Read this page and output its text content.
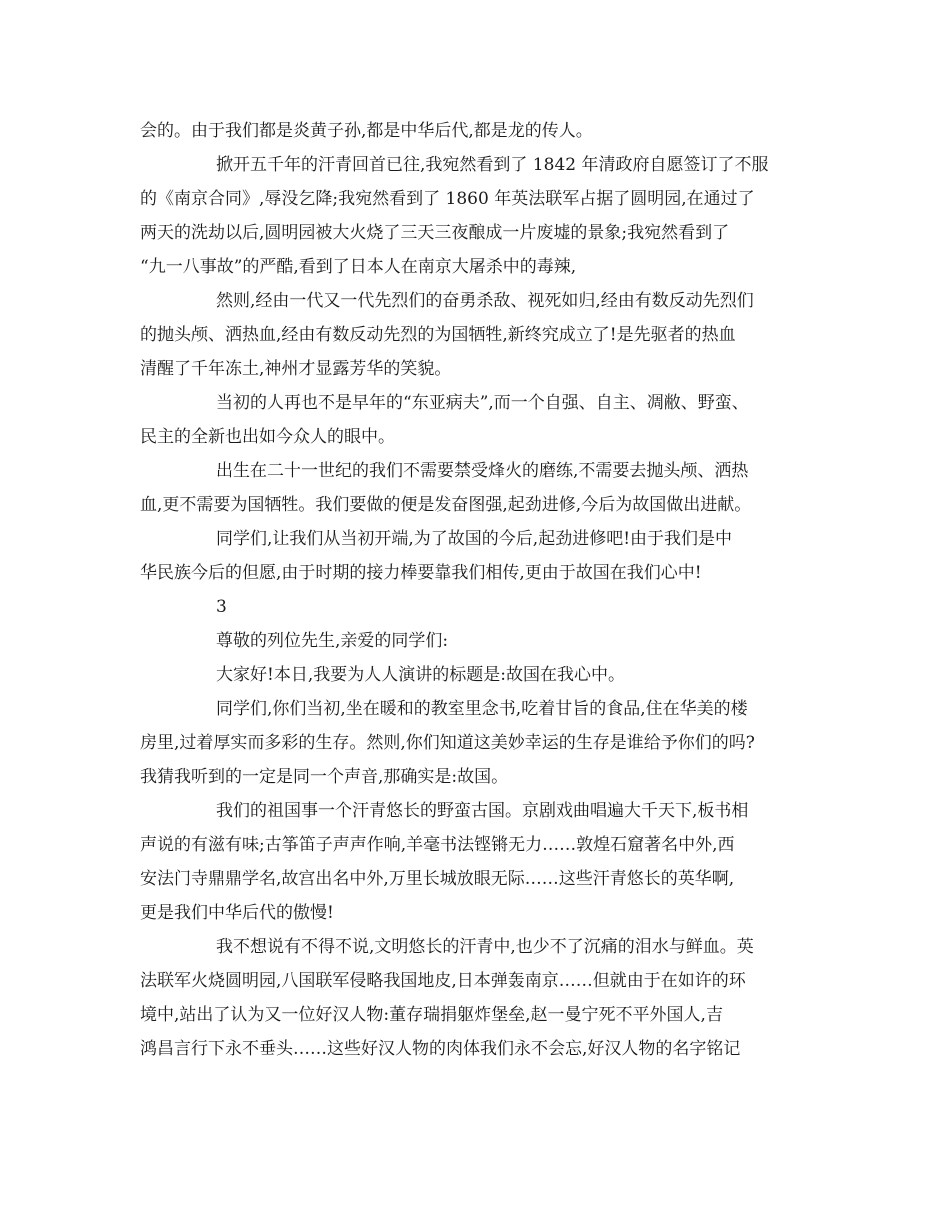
会的。由于我们都是炎黄子孙,都是中华后代,都是龙的传人。
掀开五千年的汗青回首已往,我宛然看到了 1842 年清政府自愿签订了不服
的《南京合同》,辱没乞降;我宛然看到了 1860 年英法联军占据了圆明园,在通过了
两天的洗劫以后,圆明园被大火烧了三天三夜酿成一片废墟的景象;我宛然看到了
“九一八事故”的严酷,看到了日本人在南京大屠杀中的毒辣,
然则,经由一代又一代先烈们的奋勇杀敌、视死如归,经由有数反动先烈们
的抛头颅、洒热血,经由有数反动先烈的为国牺牲,新终究成立了!是先驱者的热血
清醒了千年冻土,神州才显露芳华的笑貌。
当初的人再也不是早年的“东亚病夫”,而一个自强、自主、凋敝、野蛮、
民主的全新也出如今众人的眼中。
出生在二十一世纪的我们不需要禁受烽火的磨练,不需要去抛头颅、洒热
血,更不需要为国牺牲。我们要做的便是发奋图强,起劲进修,今后为故国做出进献。
同学们,让我们从当初开端,为了故国的今后,起劲进修吧!由于我们是中
华民族今后的但愿,由于时期的接力棒要靠我们相传,更由于故国在我们心中!
3
尊敬的列位先生,亲爱的同学们:
大家好!本日,我要为人人演讲的标题是:故国在我心中。
同学们,你们当初,坐在暖和的教室里念书,吃着甘旨的食品,住在华美的楼
房里,过着厚实而多彩的生存。然则,你们知道这美妙幸运的生存是谁给予你们的吗?
我猜我听到的一定是同一个声音,那确实是:故国。
我们的祖国事一个汗青悠长的野蛮古国。京剧戏曲唱遍大千天下,板书相
声说的有滋有味;古筝笛子声声作响,羊毫书法铿锵无力……敦煌石窟著名中外,西
安法门寺鼎鼎学名,故宫出名中外,万里长城放眼无际……这些汗青悠长的英华啊,
更是我们中华后代的傲慢!
我不想说有不得不说,文明悠长的汗青中,也少不了沉痛的泪水与鲜血。英
法联军火烧圆明园,八国联军侵略我国地皮,日本弹轰南京……但就由于在如许的环
境中,站出了认为又一位好汉人物:董存瑞捐躯炸堡垒,赵一曼宁死不平外国人,吉
鸿昌言行下永不垂头……这些好汉人物的肉体我们永不会忘,好汉人物的名字铭记
